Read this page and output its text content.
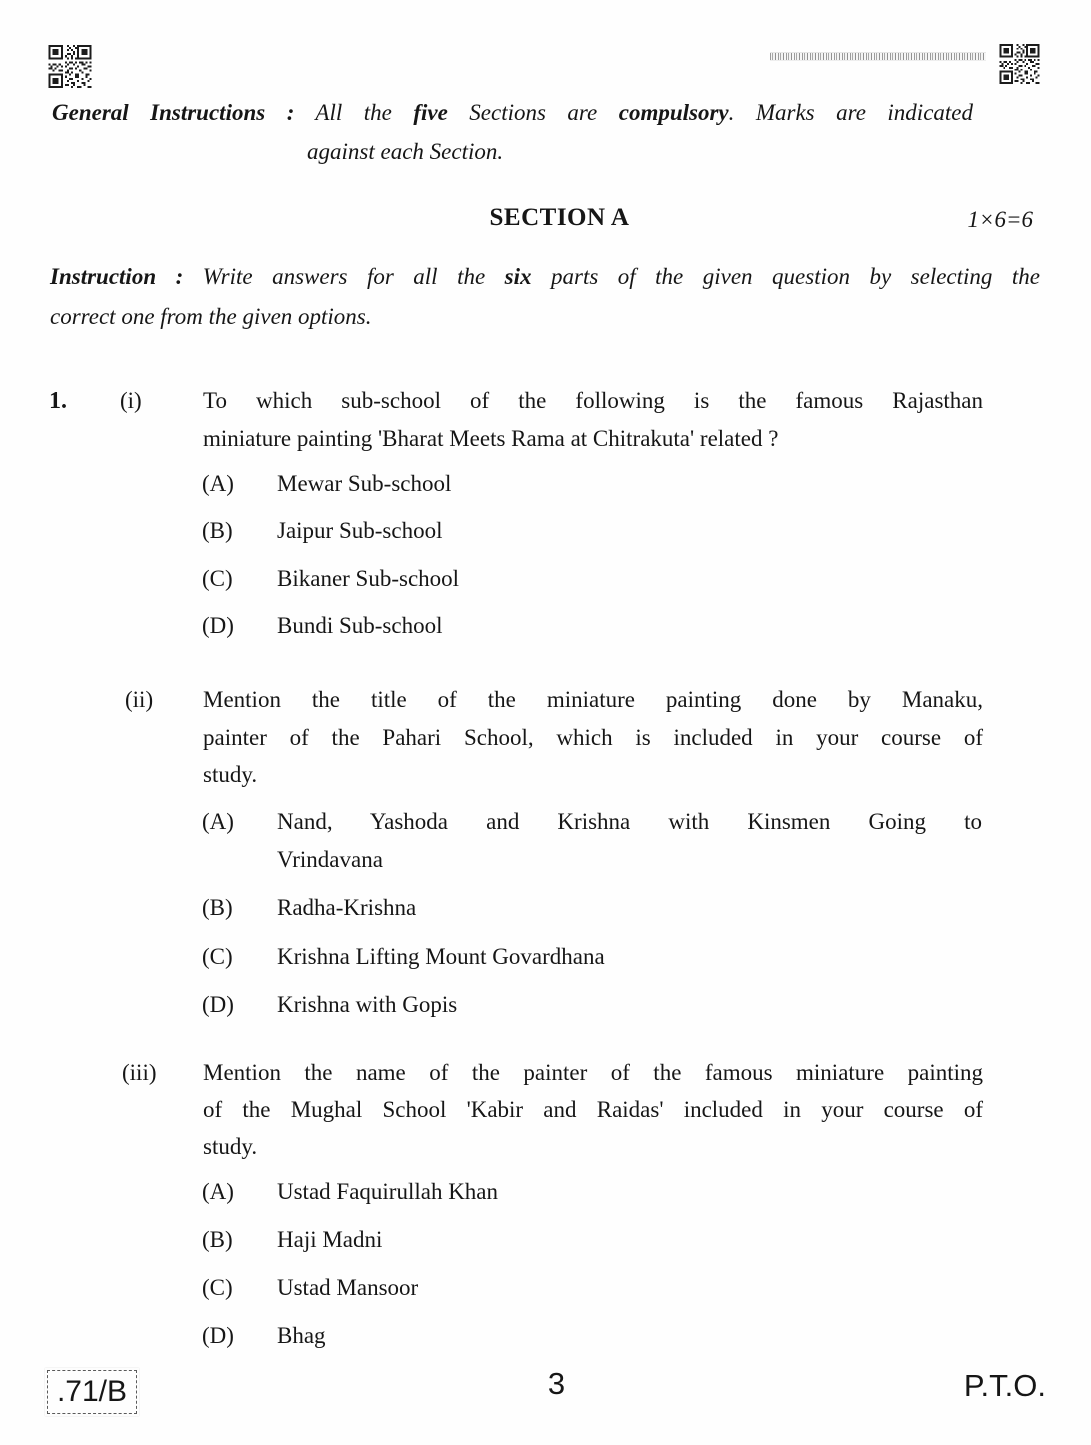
General Instructions : All the five Sections are compulsory. Marks are indicated
against each Section.
SECTION A	1×6=6
Instruction : Write answers for all the six parts of the given question by selecting the
correct one from the given options.
1. (i)	To which sub-school of the following is the famous Rajasthan
miniature painting 'Bharat Meets Rama at Chitrakuta' related ?
(A) Mewar Sub-school
(B) Jaipur Sub-school
(C) Bikaner Sub-school
(D) Bundi Sub-school
(ii) Mention the title of the miniature painting done by Manaku,
painter of the Pahari School, which is included in your course of
study.
(A) Nand, Yashoda and Krishna with Kinsmen Going to
Vrindavana
(B) Radha-Krishna
(C) Krishna Lifting Mount Govardhana
(D) Krishna with Gopis
(iii) Mention the name of the painter of the famous miniature painting
of the Mughal School 'Kabir and Raidas' included in your course of
study.
(A) Ustad Faquirullah Khan
(B) Haji Madni
(C) Ustad Mansoor
(D) Bhag
.71/B	3	P.T.O.
